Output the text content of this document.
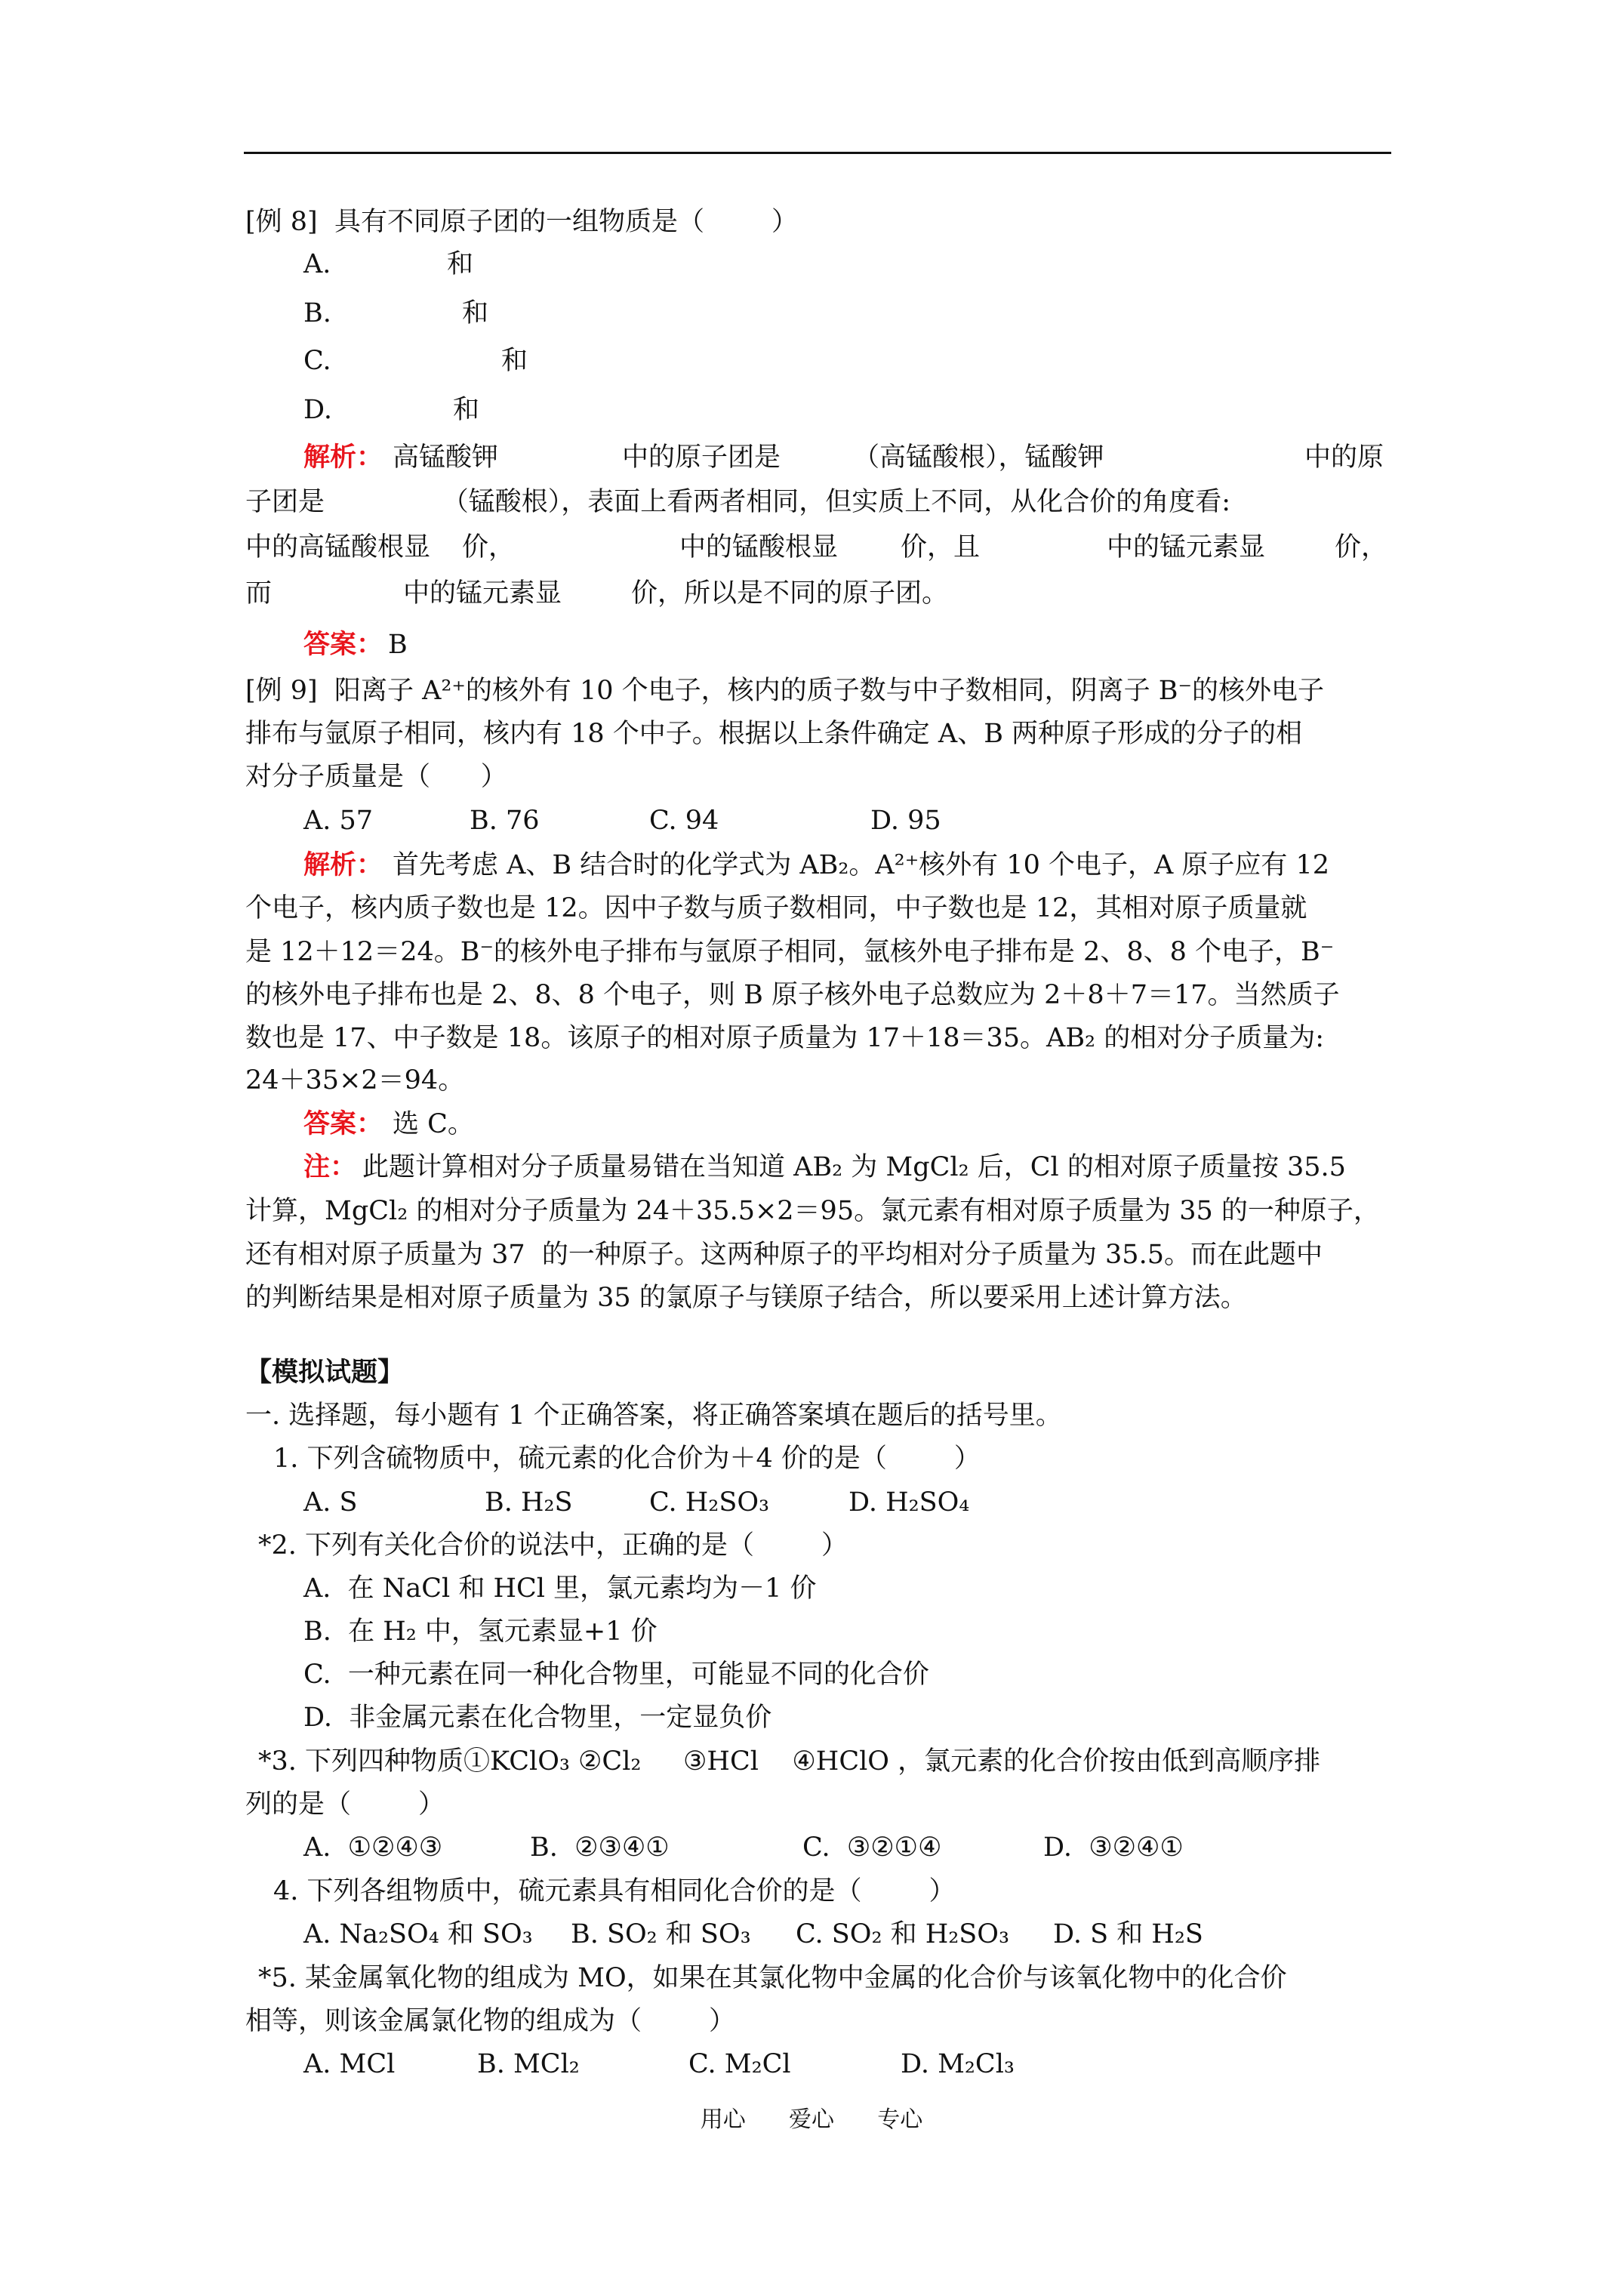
[例 8]  具有不同原子团的一组物质是（        ）
A.	和
B.	和
C.	和
D.	和
解析： 高锰酸钾	中的原子团是	（高锰酸根），锰酸钾	中的原
子团是              （锰酸根），表面上看两者相同，但实质上不同，从化合价的角度看:
中的高锰酸根显 价，	中的锰酸根显 价，且	中的锰元素显	价，
而	中的锰元素显	价，所以是不同的原子团。
答案： B
[例 9]  阳离子 A²⁺的核外有 10 个电子，核内的质子数与中子数相同，阴离子 B⁻的核外电子
排布与氩原子相同，核内有 18 个中子。根据以上条件确定 A、B 两种原子形成的分子的相
对分子质量是（      ）
A. 57	B. 76	C. 94	D. 95
解析： 首先考虑 A、B 结合时的化学式为 AB₂。A²⁺核外有 10 个电子，A 原子应有 12
个电子，核内质子数也是 12。因中子数与质子数相同，中子数也是 12，其相对原子质量就
是 12＋12＝24。B⁻的核外电子排布与氩原子相同，氩核外电子排布是 2、8、8 个电子，B⁻
的核外电子排布也是 2、8、8 个电子，则 B 原子核外电子总数应为 2＋8＋7＝17。当然质子
数也是 17、中子数是 18。该原子的相对原子质量为 17＋18＝35。AB₂ 的相对分子质量为:
24＋35×2＝94。
答案： 选 C。
注： 此题计算相对分子质量易错在当知道 AB₂ 为 MgCl₂ 后，Cl 的相对原子质量按 35.5
计算，MgCl₂ 的相对分子质量为 24＋35.5×2＝95。氯元素有相对原子质量为 35 的一种原子，
还有相对原子质量为 37  的一种原子。这两种原子的平均相对分子质量为 35.5。而在此题中
的判断结果是相对原子质量为 35 的氯原子与镁原子结合，所以要采用上述计算方法。
【模拟试题】
一. 选择题，每小题有 1 个正确答案，将正确答案填在题后的括号里。
1. 下列含硫物质中，硫元素的化合价为＋4 价的是（        ）
A. S	B. H₂S	C. H₂SO₃	D. H₂SO₄
*2. 下列有关化合价的说法中，正确的是（        ）
A.  在 NaCl 和 HCl 里，氯元素均为－1 价
B.  在 H₂ 中，氢元素显+1 价
C.  一种元素在同一种化合物里，可能显不同的化合价
D.  非金属元素在化合物里，一定显负价
*3. 下列四种物质①KClO₃ ②Cl₂     ③HCl    ④HClO ，氯元素的化合价按由低到高顺序排
列的是（        ）
A.  ①②④③	B.  ②③④①	C.  ③②①④	D.  ③②④①
4. 下列各组物质中，硫元素具有相同化合价的是（        ）
A. Na₂SO₄ 和 SO₃ B. SO₂ 和 SO₃ C. SO₂ 和 H₂SO₃ D. S 和 H₂S
*5. 某金属氧化物的组成为 MO，如果在其氯化物中金属的化合价与该氧化物中的化合价
相等，则该金属氯化物的组成为（        ）
A. MCl	B. MCl₂	C. M₂Cl	D. M₂Cl₃
用心      爱心      专心
